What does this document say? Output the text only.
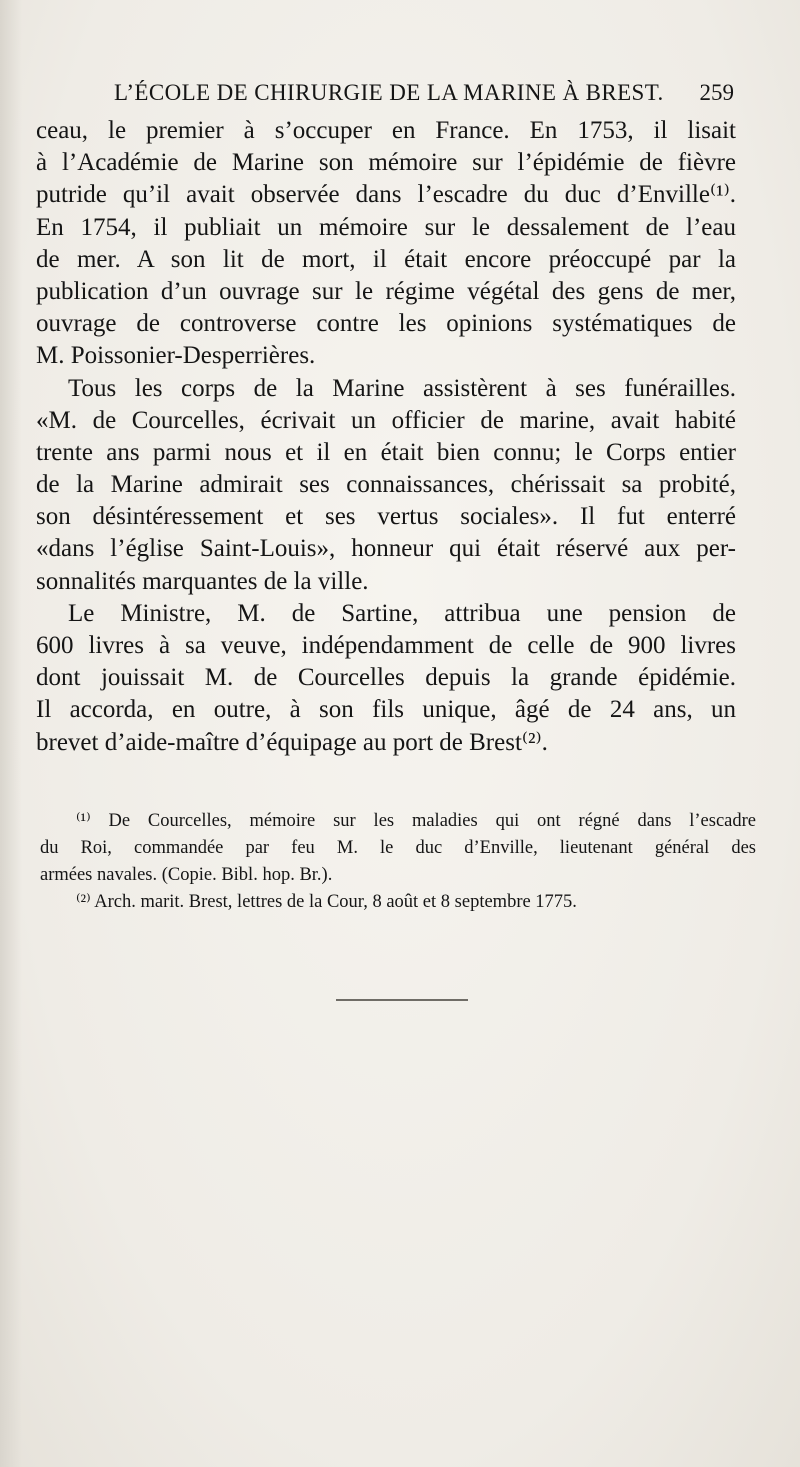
L’ÉCOLE DE CHIRURGIE DE LA MARINE À BREST. 259
ceau, le premier à s’occuper en France. En 1753, il lisait
à l’Académie de Marine son mémoire sur l’épidémie de fièvre
putride qu’il avait observée dans l’escadre du duc d’Enville⁽¹⁾.
En 1754, il publiait un mémoire sur le dessalement de l’eau
de mer. A son lit de mort, il était encore préoccupé par la
publication d’un ouvrage sur le régime végétal des gens de mer,
ouvrage de controverse contre les opinions systématiques de
M. Poissonier-Desperrières.
Tous les corps de la Marine assistèrent à ses funérailles.
«M. de Courcelles, écrivait un officier de marine, avait habité
trente ans parmi nous et il en était bien connu; le Corps entier
de la Marine admirait ses connaissances, chérissait sa probité,
son désintéressement et ses vertus sociales». Il fut enterré
«dans l’église Saint-Louis», honneur qui était réservé aux per-
sonnalités marquantes de la ville.
Le Ministre, M. de Sartine, attribua une pension de
600 livres à sa veuve, indépendamment de celle de 900 livres
dont jouissait M. de Courcelles depuis la grande épidémie.
Il accorda, en outre, à son fils unique, âgé de 24 ans, un
brevet d’aide-maître d’équipage au port de Brest⁽²⁾.
⁽¹⁾ De Courcelles, mémoire sur les maladies qui ont régné dans l’escadre
du Roi, commandée par feu M. le duc d’Enville, lieutenant général des
armées navales. (Copie. Bibl. hop. Br.).
⁽²⁾ Arch. marit. Brest, lettres de la Cour, 8 août et 8 septembre 1775.
